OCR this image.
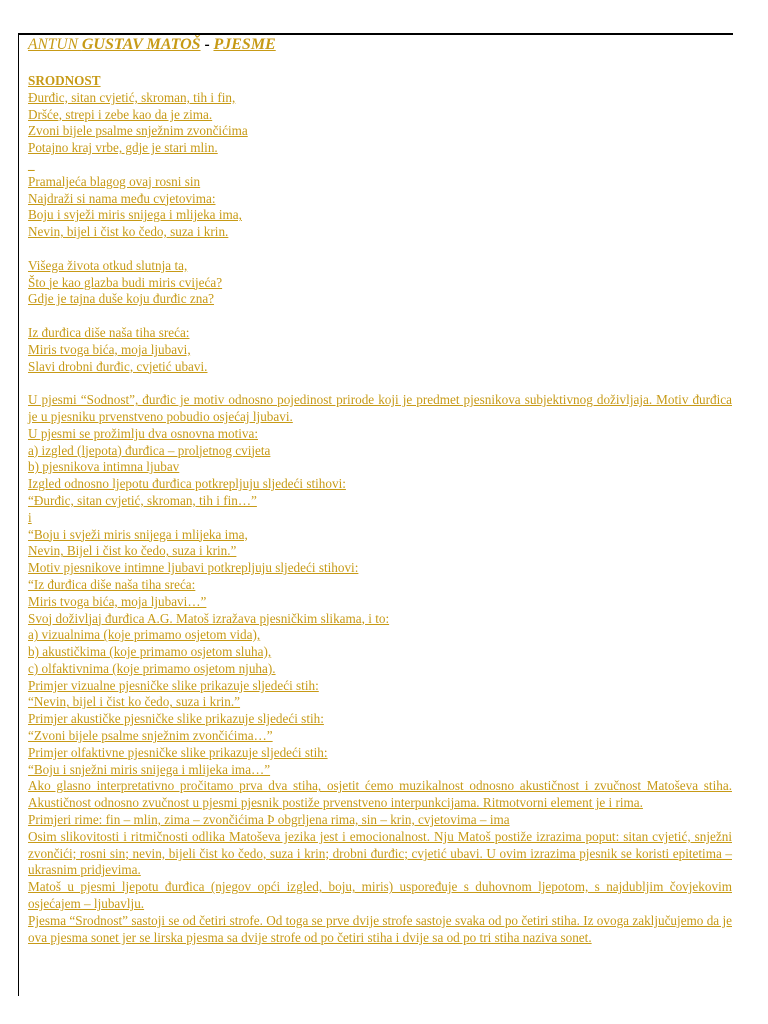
ANTUN GUSTAV MATOŠ - PJESME
SRODNOST
Đurđic, sitan cvjetić, skroman, tih i fin,
Dršće, strepi i zebe kao da je zima.
Zvoni bijele psalme snježnim zvončićima
Potajno kraj vrbe, gdje je stari mlin.
_
Pramaljeća blagog ovaj rosni sin
Najdraži si nama među cvjetovima:
Boju i svježi miris snijega i mlijeka ima,
Nevin, bijel i čist ko čedo, suza i krin.
Višega života otkud slutnja ta,
Što je kao glazba budi miris cvijeća?
Gdje je tajna duše koju đurđic zna?
Iz đurđica diše naša tiha sreća:
Miris tvoga bića, moja ljubavi,
Slavi drobni đurđic, cvjetić ubavi.
U pjesmi “Sodnost”, đurđic je motiv odnosno pojedinost prirode koji je predmet pjesnikova subjektivnog doživljaja. Motiv đurđica je u pjesniku prvenstveno pobudio osjećaj ljubavi.
U pjesmi se prožimlju dva osnovna motiva:
a) izgled (ljepota) đurđica – proljetnog cvijeta
b) pjesnikova intimna ljubav
Izgled odnosno ljepotu đurđica potkrepljuju sljedeći stihovi:
“Đurđic, sitan cvjetić, skroman, tih i fin…”
i
“Boju i svježi miris snijega i mlijeka ima,
Nevin, Bijel i čist ko čedo, suza i krin.”
Motiv pjesnikove intimne ljubavi potkrepljuju sljedeći stihovi:
“Iz đurđica diše naša tiha sreća:
Miris tvoga bića, moja ljubavi…”
Svoj doživljaj đurđica A.G. Matoš izražava pjesničkim slikama, i to:
a) vizualnima (koje primamo osjetom vida),
b) akustičkima (koje primamo osjetom sluha),
c) olfaktivnima (koje primamo osjetom njuha).
Primjer vizualne pjesničke slike prikazuje sljedeći stih:
“Nevin, bijel i čist ko čedo, suza i krin.”
Primjer akustičke pjesničke slike prikazuje sljedeći stih:
“Zvoni bijele psalme snježnim zvončićima…”
Primjer olfaktivne pjesničke slike prikazuje sljedeći stih:
“Boju i snježni miris snijega i mlijeka ima…”
Ako glasno interpretativno pročitamo prva dva stiha, osjetit ćemo muzikalnost odnosno akustičnost i zvučnost Matoševa stiha. Akustičnost odnosno zvučnost u pjesmi pjesnik postiže prvenstveno interpunkcijama. Ritmotvorni element je i rima.
Primjeri rime: fin – mlin, zima – zvončićima Þ obgrljena rima, sin – krin, cvjetovima – ima
Osim slikovitosti i ritmičnosti odlika Matoševa jezika jest i emocionalnost. Nju Matoš postiže izrazima poput: sitan cvjetić, snježni zvončići; rosni sin; nevin, bijeli čist ko čedo, suza i krin; drobni đurđic; cvjetić ubavi. U ovim izrazima pjesnik se koristi epitetima – ukrasnim pridjevima.
Matoš u pjesmi ljepotu đurđica (njegov opći izgled, boju, miris) uspoređuje s duhovnom ljepotom, s najdubljim čovjekovim osjećajem – ljubavlju.
Pjesma “Srodnost” sastoji se od četiri strofe. Od toga se prve dvije strofe sastoje svaka od po četiri stiha. Iz ovoga zaključujemo da je ova pjesma sonet jer se lirska pjesma sa dvije strofe od po četiri stiha i dvije sa od po tri stiha naziva sonet.
